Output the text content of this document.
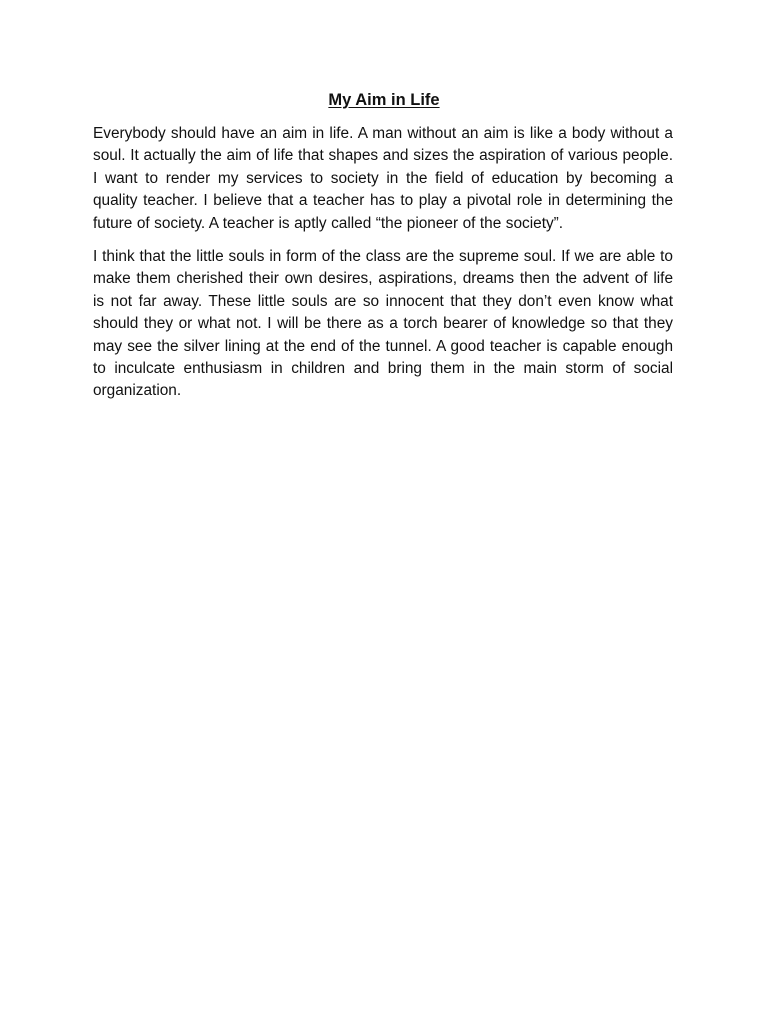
My Aim in Life

Everybody should have an aim in life. A man without an aim is like a body without a soul. It actually the aim of life that shapes and sizes the aspiration of various people. I want to render my services to society in the field of education by becoming a quality teacher. I believe that a teacher has to play a pivotal role in determining the future of society. A teacher is aptly called “the pioneer of the society”.

I think that the little souls in form of the class are the supreme soul. If we are able to make them cherished their own desires, aspirations, dreams then the advent of life is not far away. These little souls are so innocent that they don’t even know what should they or what not. I will be there as a torch bearer of knowledge so that they may see the silver lining at the end of the tunnel. A good teacher is capable enough to inculcate enthusiasm in children and bring them in the main storm of social organization.
